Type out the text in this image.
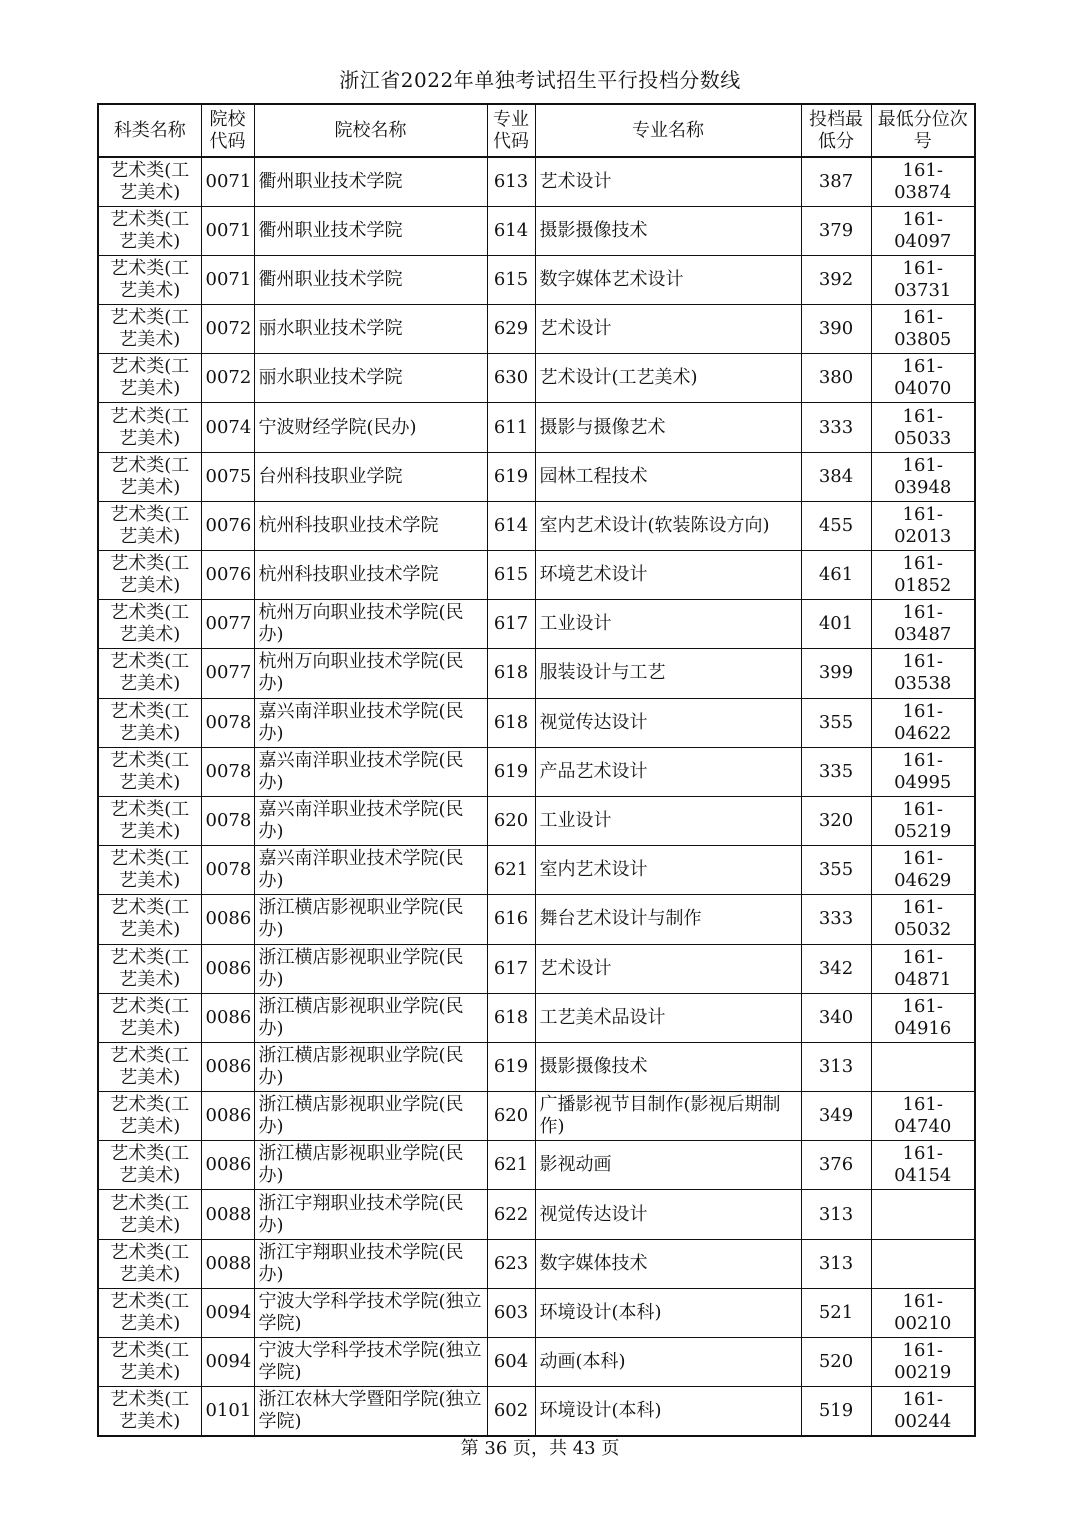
浙江省2022年单独考试招生平行投档分数线
科类名称	院校代码	院校名称	专业代码	专业名称	投档最低分	最低分位次号
艺术类(工艺美术)	0071	衢州职业技术学院	613	艺术设计	387	161-03874
艺术类(工艺美术)	0071	衢州职业技术学院	614	摄影摄像技术	379	161-04097
艺术类(工艺美术)	0071	衢州职业技术学院	615	数字媒体艺术设计	392	161-03731
艺术类(工艺美术)	0072	丽水职业技术学院	629	艺术设计	390	161-03805
艺术类(工艺美术)	0072	丽水职业技术学院	630	艺术设计(工艺美术)	380	161-04070
艺术类(工艺美术)	0074	宁波财经学院(民办)	611	摄影与摄像艺术	333	161-05033
艺术类(工艺美术)	0075	台州科技职业学院	619	园林工程技术	384	161-03948
艺术类(工艺美术)	0076	杭州科技职业技术学院	614	室内艺术设计(软装陈设方向)	455	161-02013
艺术类(工艺美术)	0076	杭州科技职业技术学院	615	环境艺术设计	461	161-01852
艺术类(工艺美术)	0077	杭州万向职业技术学院(民办)	617	工业设计	401	161-03487
艺术类(工艺美术)	0077	杭州万向职业技术学院(民办)	618	服装设计与工艺	399	161-03538
艺术类(工艺美术)	0078	嘉兴南洋职业技术学院(民办)	618	视觉传达设计	355	161-04622
艺术类(工艺美术)	0078	嘉兴南洋职业技术学院(民办)	619	产品艺术设计	335	161-04995
艺术类(工艺美术)	0078	嘉兴南洋职业技术学院(民办)	620	工业设计	320	161-05219
艺术类(工艺美术)	0078	嘉兴南洋职业技术学院(民办)	621	室内艺术设计	355	161-04629
艺术类(工艺美术)	0086	浙江横店影视职业学院(民办)	616	舞台艺术设计与制作	333	161-05032
艺术类(工艺美术)	0086	浙江横店影视职业学院(民办)	617	艺术设计	342	161-04871
艺术类(工艺美术)	0086	浙江横店影视职业学院(民办)	618	工艺美术品设计	340	161-04916
艺术类(工艺美术)	0086	浙江横店影视职业学院(民办)	619	摄影摄像技术	313	
艺术类(工艺美术)	0086	浙江横店影视职业学院(民办)	620	广播影视节目制作(影视后期制作)	349	161-04740
艺术类(工艺美术)	0086	浙江横店影视职业学院(民办)	621	影视动画	376	161-04154
艺术类(工艺美术)	0088	浙江宇翔职业技术学院(民办)	622	视觉传达设计	313	
艺术类(工艺美术)	0088	浙江宇翔职业技术学院(民办)	623	数字媒体技术	313	
艺术类(工艺美术)	0094	宁波大学科学技术学院(独立学院)	603	环境设计(本科)	521	161-00210
艺术类(工艺美术)	0094	宁波大学科学技术学院(独立学院)	604	动画(本科)	520	161-00219
艺术类(工艺美术)	0101	浙江农林大学暨阳学院(独立学院)	602	环境设计(本科)	519	161-00244
第 36 页，共 43 页
